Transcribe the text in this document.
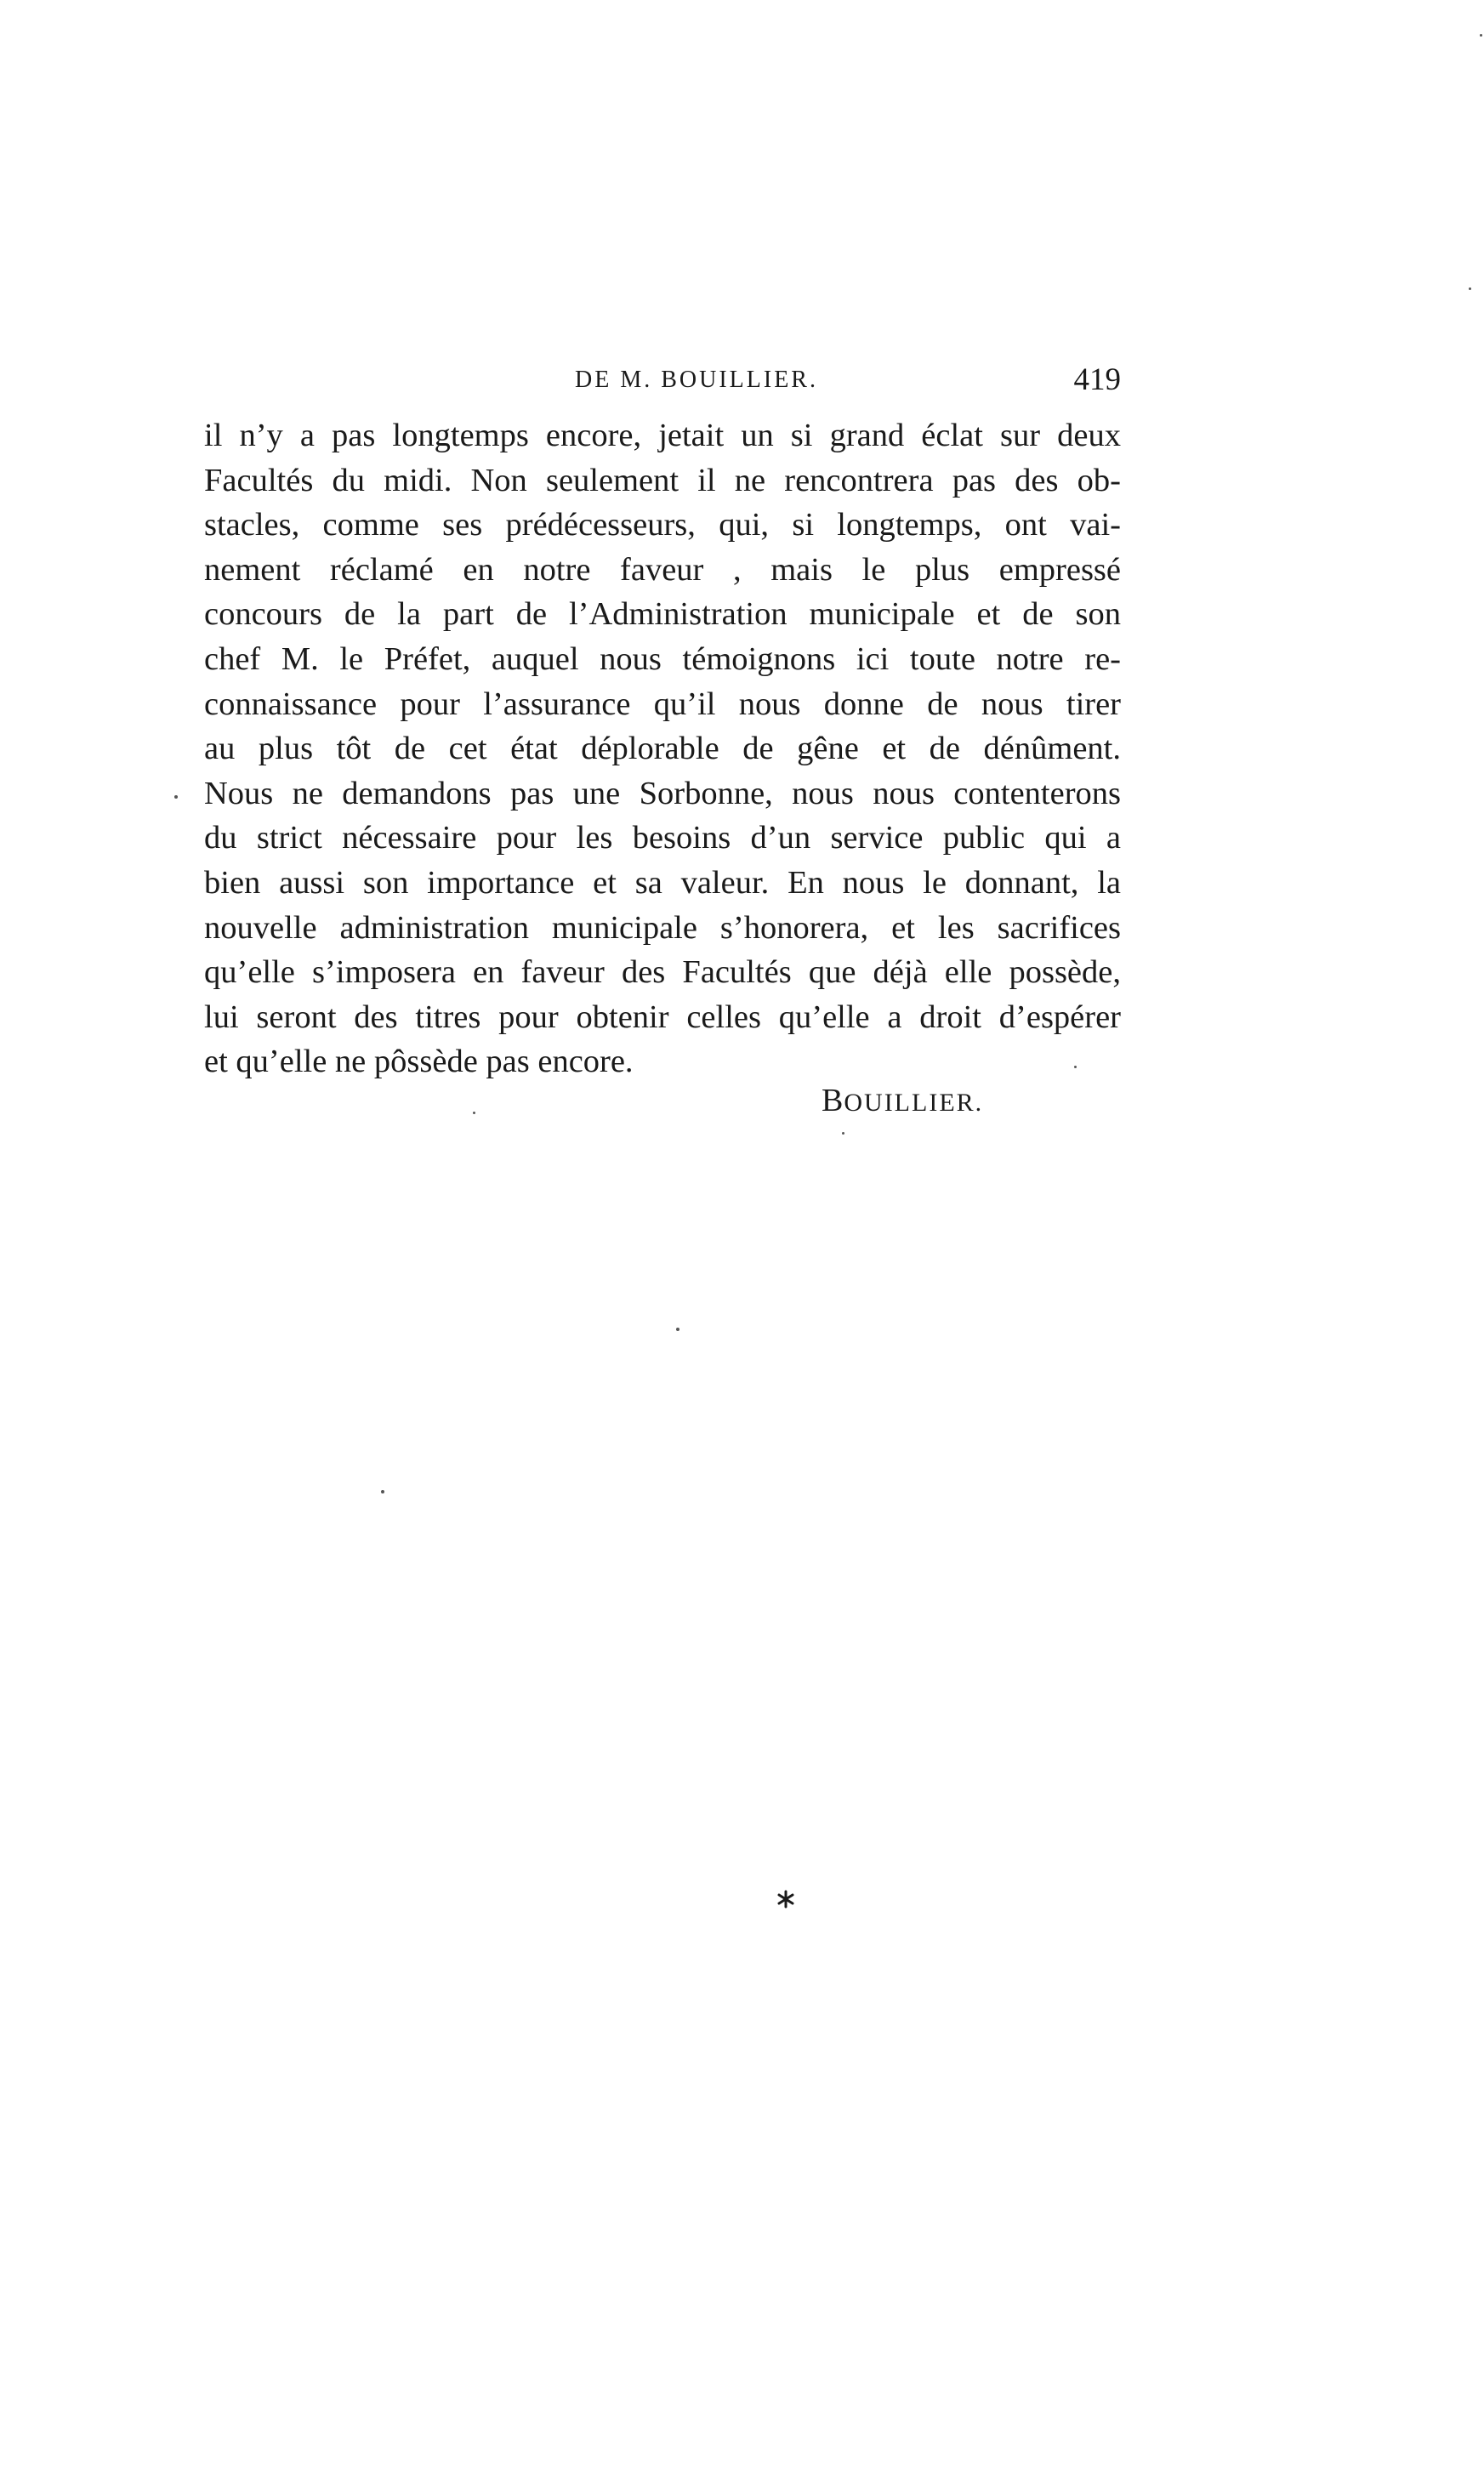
DE M. BOUILLIER.	419
il n’y a pas longtemps encore, jetait un si grand éclat sur deux
Facultés du midi. Non seulement il ne rencontrera pas des ob-
stacles, comme ses prédécesseurs, qui, si longtemps, ont vai-
nement réclamé en notre faveur , mais le plus empressé
concours de la part de l’Administration municipale et de son
chef M. le Préfet, auquel nous témoignons ici toute notre re-
connaissance pour l’assurance qu’il nous donne de nous tirer
au plus tôt de cet état déplorable de gêne et de dénûment.
Nous ne demandons pas une Sorbonne, nous nous contenterons
du strict nécessaire pour les besoins d’un service public qui a
bien aussi son importance et sa valeur. En nous le donnant, la
nouvelle administration municipale s’honorera, et les sacrifices
qu’elle s’imposera en faveur des Facultés que déjà elle possède,
lui seront des titres pour obtenir celles qu’elle a droit d’espérer
et qu’elle ne pôssède pas encore.
BOUILLIER.
